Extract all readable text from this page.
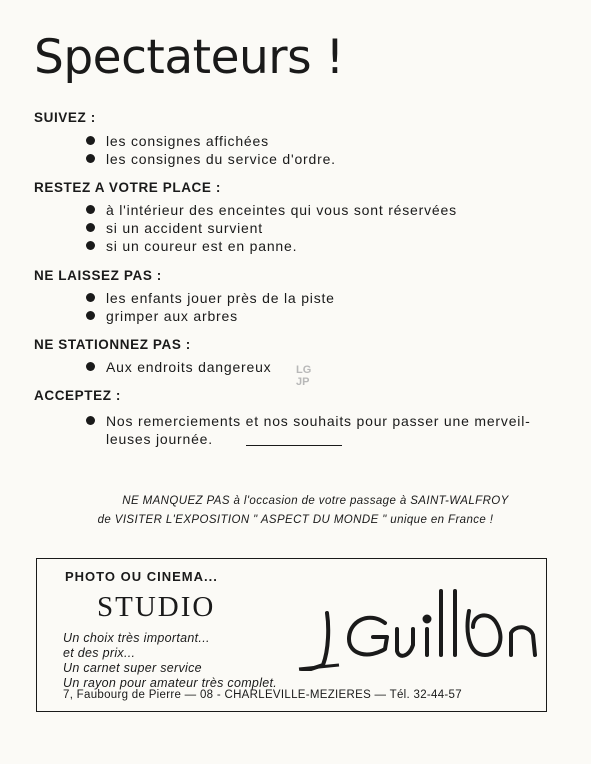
Spectateurs !
SUIVEZ :
les consignes affichées
les consignes du service d'ordre.
RESTEZ A VOTRE PLACE :
à l'intérieur des enceintes qui vous sont réservées
si un accident survient
si un coureur est en panne.
NE LAISSEZ PAS :
les enfants jouer près de la piste
grimper aux arbres
NE STATIONNEZ PAS :
Aux endroits dangereux
ACCEPTEZ :
Nos remerciements et nos souhaits pour passer une merveil-
leuses journée.
LG
JP
NE MANQUEZ PAS à l'occasion de votre passage à SAINT-WALFROY
de VISITER L'EXPOSITION " ASPECT DU MONDE " unique en France !
PHOTO OU CINEMA...
STUDIO
Un choix très important...
et des prix...
Un carnet super service
Un rayon pour amateur très complet.
7, Faubourg de Pierre — 08 - CHARLEVILLE-MEZIERES — Tél. 32-44-57
